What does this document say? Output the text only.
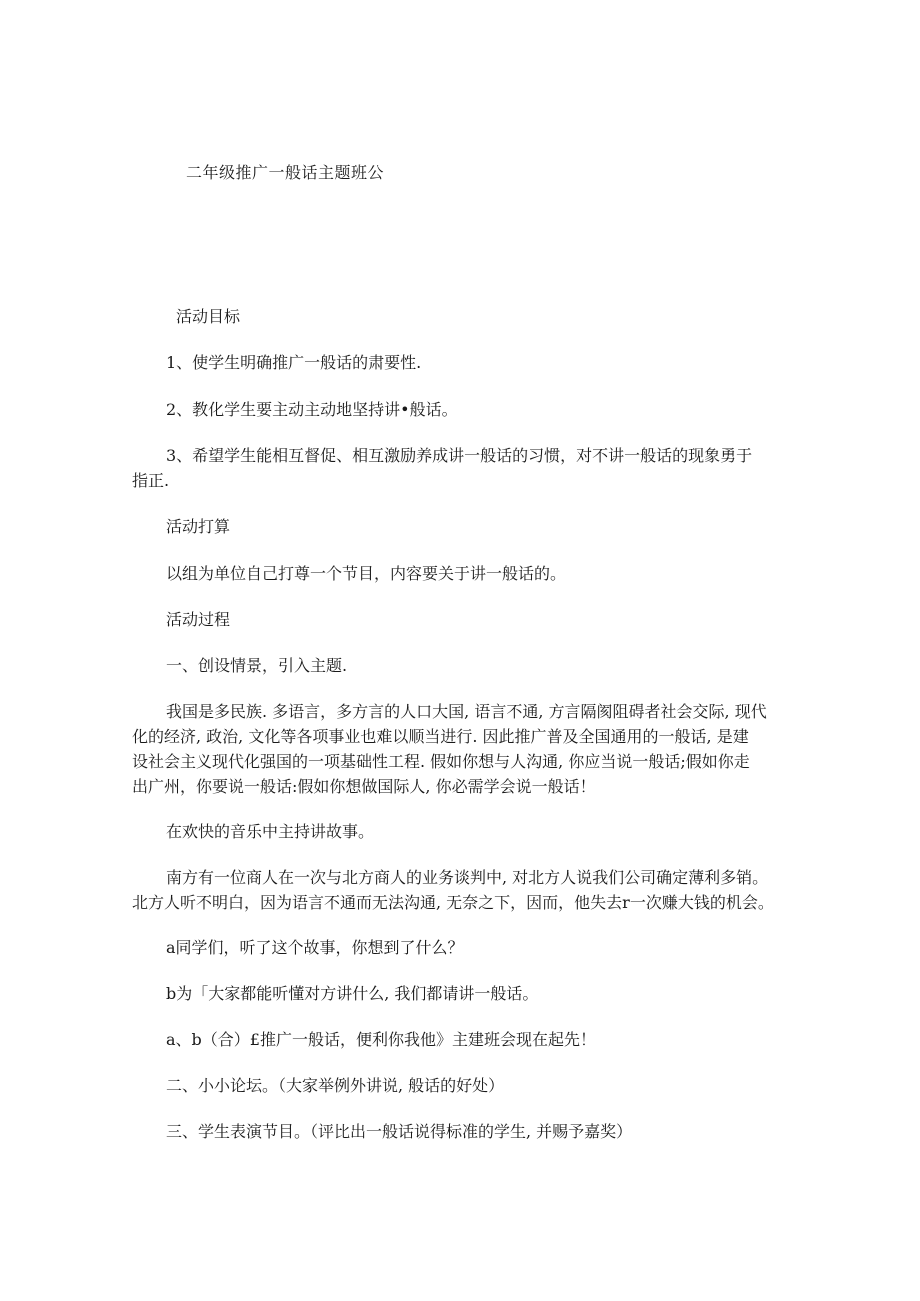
二年级推广一般话主题班公
活动目标
1、使学生明确推广一般话的肃要性.
2、教化学生要主动主动地坚持讲•般话。
3、希望学生能相互督促、相互激励养成讲一般话的习惯，对不讲一般话的现象勇于
指正.
活动打算
以组为单位自己打尊一个节目，内容要关于讲一般话的。
活动过程
一、创设情景，引入主题.
我国是多民族. 多语言，多方言的人口大国, 语言不通, 方言隔阂阻碍者社会交际, 现代
化的经济, 政治, 文化等各项事业也难以顺当进行. 因此推广普及全国通用的一般话, 是建
设社会主义现代化强国的一项基础性工程. 假如你想与人沟通, 你应当说一般话;假如你走
出广州，你要说一般话:假如你想做国际人, 你必需学会说一般话！
在欢快的音乐中主持讲故事。
南方有一位商人在一次与北方商人的业务谈判中, 对北方人说我们公司确定薄利多销。
北方人听不明白，因为语言不通而无法沟通, 无奈之下，因而，他失去r一次赚大钱的机会。
a同学们，听了这个故事，你想到了什么？
b为「大家都能听懂对方讲什么, 我们都请讲一般话。
a、b（合）£推广一般话，便利你我他》主建班会现在起先！
二、小小论坛。（大家举例外讲说, 般话的好处）
三、学生表演节目。（评比出一般话说得标准的学生, 并赐予嘉奖）
